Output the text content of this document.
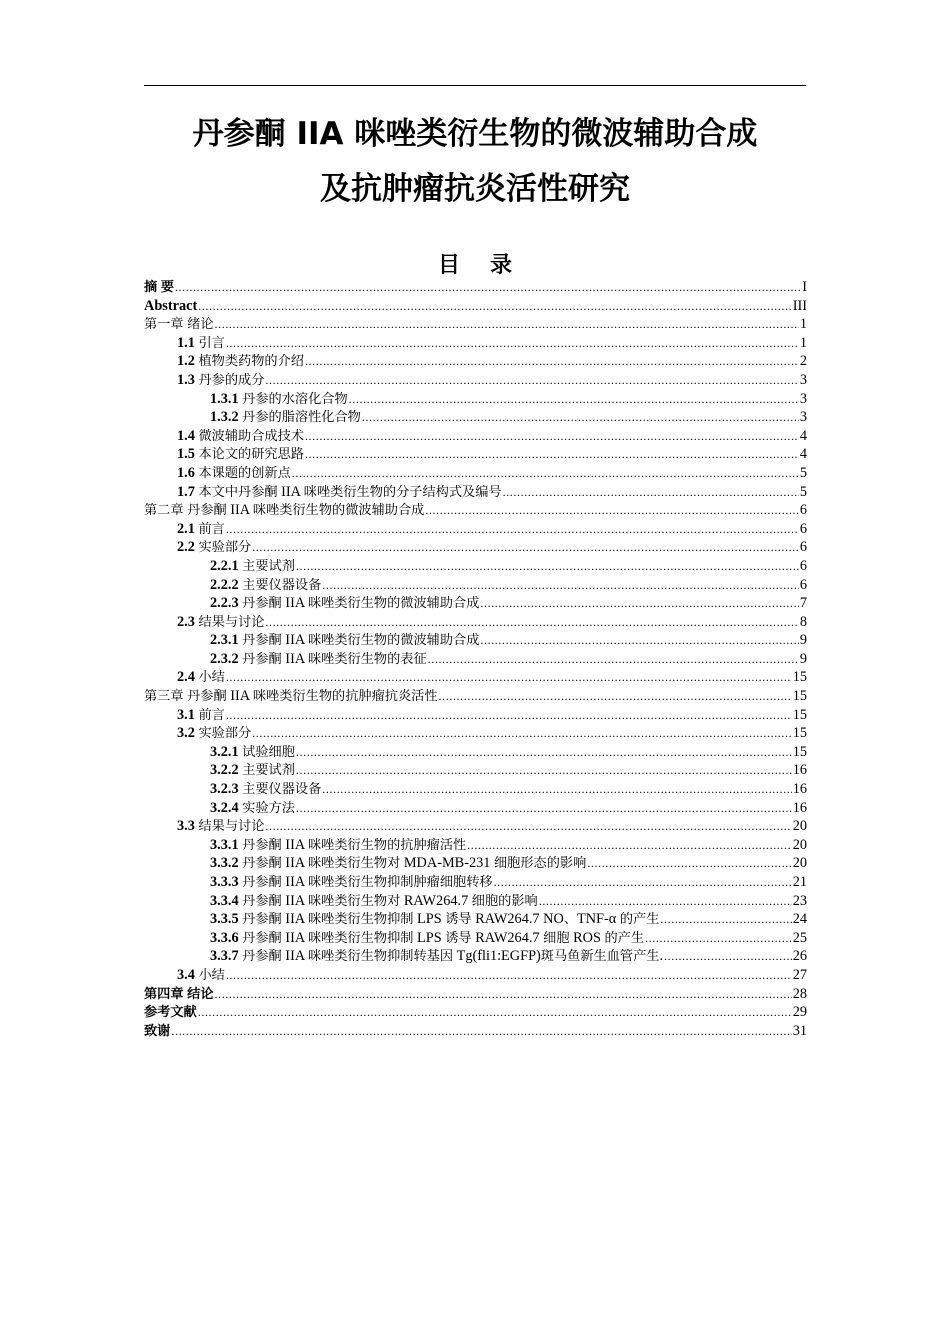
丹参酮 IIA 咪唑类衍生物的微波辅助合成
及抗肿瘤抗炎活性研究
目录
摘 要 .....	I
Abstract .....	III
第一章 绪论 .....	1
1.1 引言 .....	1
1.2 植物类药物的介绍 .....	2
1.3 丹参的成分 .....	3
1.3.1 丹参的水溶化合物 .....	3
1.3.2 丹参的脂溶性化合物 .....	3
1.4 微波辅助合成技术 .....	4
1.5 本论文的研究思路 .....	4
1.6 本课题的创新点 .....	5
1.7 本文中丹参酮 IIA 咪唑类衍生物的分子结构式及编号 .....	5
第二章 丹参酮 IIA 咪唑类衍生物的微波辅助合成 .....	6
2.1 前言 .....	6
2.2 实验部分 .....	6
2.2.1 主要试剂 .....	6
2.2.2 主要仪器设备 .....	6
2.2.3 丹参酮 IIA 咪唑类衍生物的微波辅助合成 .....	7
2.3 结果与讨论 .....	8
2.3.1 丹参酮 IIA 咪唑类衍生物的微波辅助合成 .....	9
2.3.2 丹参酮 IIA 咪唑类衍生物的表征 .....	9
2.4 小结 .....	15
第三章 丹参酮 IIA 咪唑类衍生物的抗肿瘤抗炎活性 .....	15
3.1 前言 .....	15
3.2 实验部分 .....	15
3.2.1 试验细胞 .....	15
3.2.2 主要试剂 .....	16
3.2.3 主要仪器设备 .....	16
3.2.4 实验方法 .....	16
3.3 结果与讨论 .....	20
3.3.1 丹参酮 IIA 咪唑类衍生物的抗肿瘤活性 .....	20
3.3.2 丹参酮 IIA 咪唑类衍生物对 MDA-MB-231 细胞形态的影响 .....	20
3.3.3 丹参酮 IIA 咪唑类衍生物抑制肿瘤细胞转移 .....	21
3.3.4 丹参酮 IIA 咪唑类衍生物对 RAW264.7 细胞的影响 .....	23
3.3.5 丹参酮 IIA 咪唑类衍生物抑制 LPS 诱导 RAW264.7 NO、TNF-α 的产生 .....	24
3.3.6 丹参酮 IIA 咪唑类衍生物抑制 LPS 诱导 RAW264.7 细胞 ROS 的产生 .....	25
3.3.7 丹参酮 IIA 咪唑类衍生物抑制转基因 Tg(fli1:EGFP)斑马鱼新生血管产生. .....	26
3.4 小结 .....	27
第四章 结论 .....	28
参考文献 .....	29
致谢 .....	31
